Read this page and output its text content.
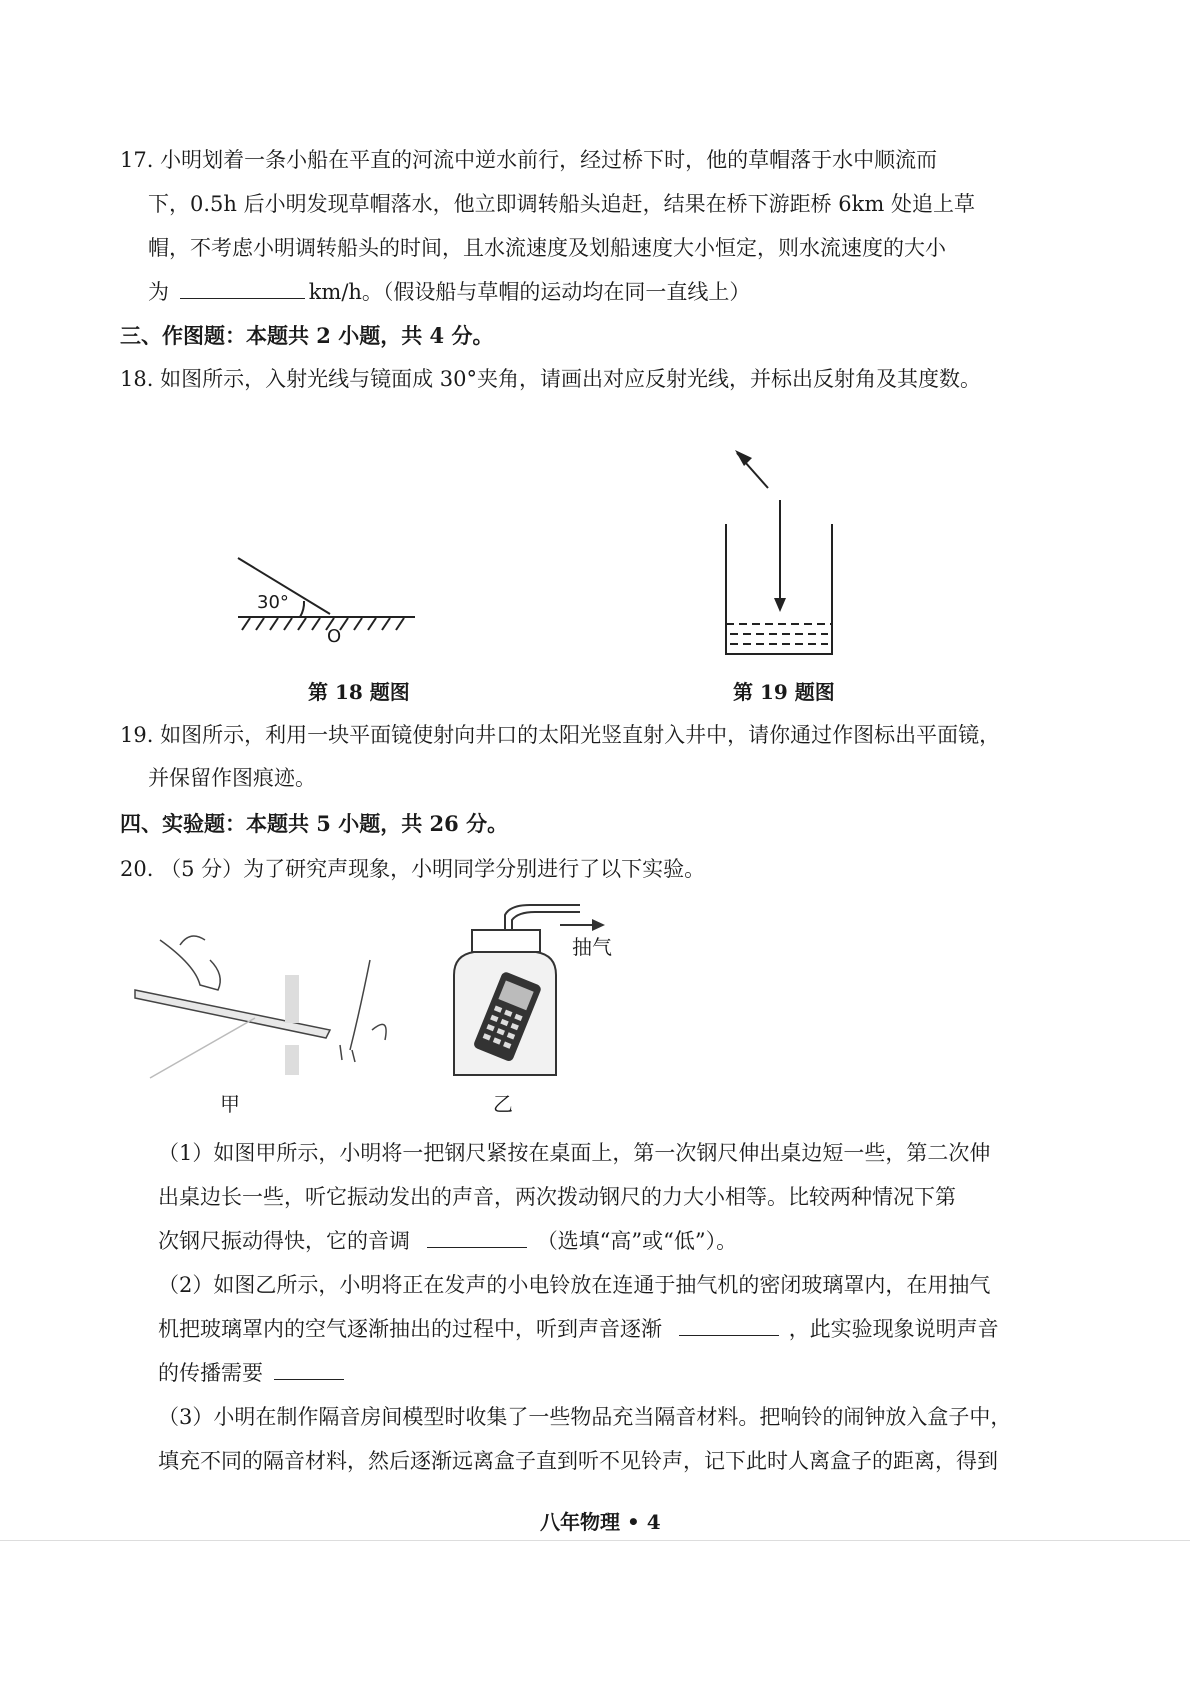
17. 小明划着一条小船在平直的河流中逆水前行，经过桥下时，他的草帽落于水中顺流而
下，0.5h 后小明发现草帽落水，他立即调转船头追赶，结果在桥下游距桥 6km 处追上草
帽，不考虑小明调转船头的时间，且水流速度及划船速度大小恒定，则水流速度的大小
为	km/h。（假设船与草帽的运动均在同一直线上）
三、作图题：本题共 2 小题，共 4 分。
18. 如图所示，入射光线与镜面成 30°夹角，请画出对应反射光线，并标出反射角及其度数。
30°
O
第 18 题图	第 19 题图
19. 如图所示，利用一块平面镜使射向井口的太阳光竖直射入井中，请你通过作图标出平面镜，
并保留作图痕迹。
四、实验题：本题共 5 小题，共 26 分。
20. （5 分）为了研究声现象，小明同学分别进行了以下实验。
甲
抽气
乙
（1）如图甲所示，小明将一把钢尺紧按在桌面上，第一次钢尺伸出桌边短一些，第二次伸
出桌边长一些，听它振动发出的声音，两次拨动钢尺的力大小相等。比较两种情况下第
次钢尺振动得快，它的音调	（选填“高”或“低”）。
（2）如图乙所示，小明将正在发声的小电铃放在连通于抽气机的密闭玻璃罩内，在用抽气
机把玻璃罩内的空气逐渐抽出的过程中，听到声音逐渐	，此实验现象说明声音
的传播需要
（3）小明在制作隔音房间模型时收集了一些物品充当隔音材料。把响铃的闹钟放入盒子中，
填充不同的隔音材料，然后逐渐远离盒子直到听不见铃声，记下此时人离盒子的距离，得到
八年物理 • 4
